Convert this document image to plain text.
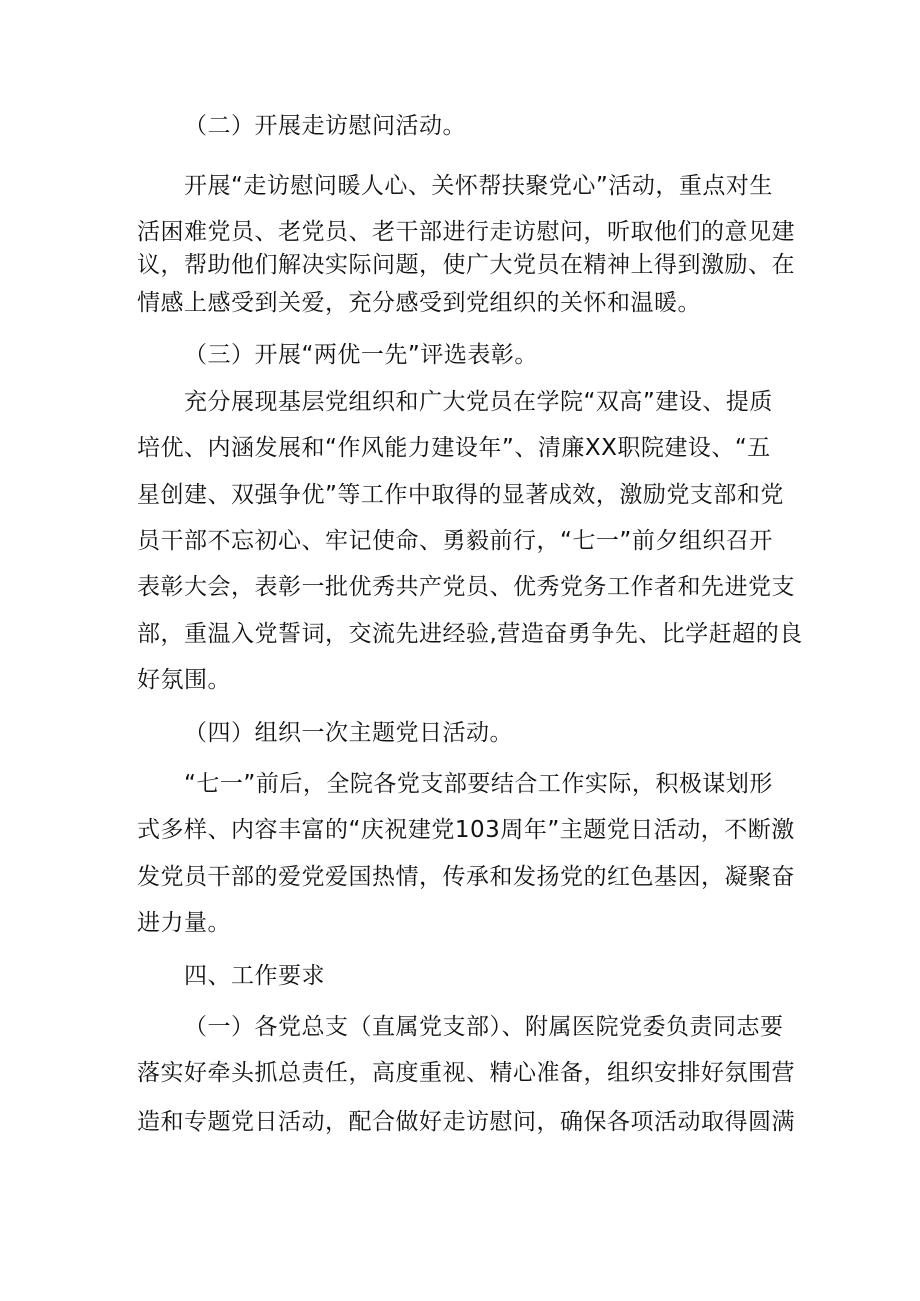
（二）开展走访慰问活动。
开展“走访慰问暖人心、关怀帮扶聚党心”活动，重点对生
活困难党员、老党员、老干部进行走访慰问，听取他们的意见建
议，帮助他们解决实际问题，使广大党员在精神上得到激励、在
情感上感受到关爱，充分感受到党组织的关怀和温暖。
（三）开展“两优一先”评选表彰。
充分展现基层党组织和广大党员在学院“双高”建设、提质
培优、内涵发展和“作风能力建设年”、清廉XX职院建设、“五
星创建、双强争优”等工作中取得的显著成效，激励党支部和党
员干部不忘初心、牢记使命、勇毅前行，“七一”前夕组织召开
表彰大会，表彰一批优秀共产党员、优秀党务工作者和先进党支
部，重温入党誓词，交流先进经验,营造奋勇争先、比学赶超的良
好氛围。
（四）组织一次主题党日活动。
“七一”前后，全院各党支部要结合工作实际，积极谋划形
式多样、内容丰富的“庆祝建党103周年”主题党日活动，不断激
发党员干部的爱党爱国热情，传承和发扬党的红色基因，凝聚奋
进力量。
四、工作要求
（一）各党总支（直属党支部）、附属医院党委负责同志要
落实好牵头抓总责任，高度重视、精心准备，组织安排好氛围营
造和专题党日活动，配合做好走访慰问，确保各项活动取得圆满
